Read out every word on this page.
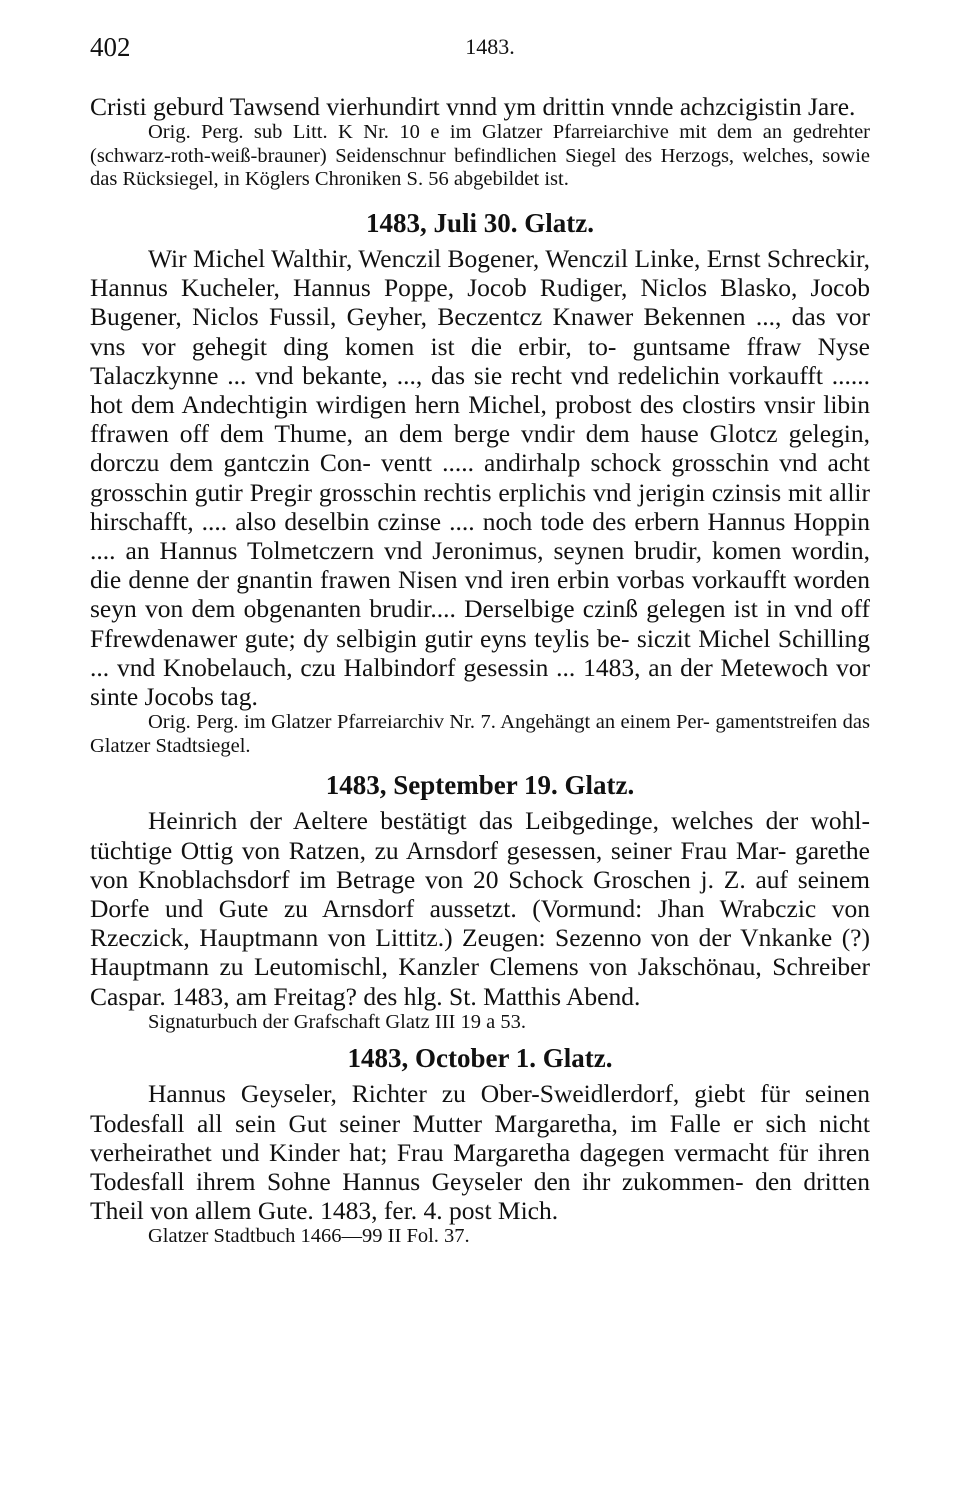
402	1483.

Cristi geburd Tawsend vierhundirt vnnd ym drittin vnnde achzcigistin Jare.

Orig. Perg. sub Litt. K Nr. 10 e im Glatzer Pfarreiarchive mit dem an gedrehter (schwarz-roth-weiß-brauner) Seidenschnur befindlichen Siegel des Herzogs, welches, sowie das Rücksiegel, in Köglers Chroniken S. 56 abgebildet ist.

1483, Juli 30. Glatz.

Wir Michel Walthir, Wenczil Bogener, Wenczil Linke, Ernst Schreckir, Hannus Kucheler, Hannus Poppe, Jocob Rudiger, Niclos Blasko, Jocob Bugener, Niclos Fussil, Geyher, Beczentcz Knawer Bekennen ..., das vor vns vor gehegit ding komen ist die erbir, to- guntsame ffraw Nyse Talaczkynne ... vnd bekante, ..., das sie recht vnd redelichin vorkaufft ...... hot dem Andechtigin wirdigen hern Michel, probost des clostirs vnsir libin ffrawen off dem Thume, an dem berge vndir dem hause Glotcz gelegin, dorczu dem gantczin Con- ventt ..... andirhalp schock grosschin vnd acht grosschin gutir Pregir grosschin rechtis erplichis vnd jerigin czinsis mit allir hirschafft, .... also deselbin czinse .... noch tode des erbern Hannus Hoppin .... an Hannus Tolmetczern vnd Jeronimus, seynen brudir, komen wordin, die denne der gnantin frawen Nisen vnd iren erbin vorbas vorkaufft worden seyn von dem obgenanten brudir.... Derselbige czinß gelegen ist in vnd off Ffrewdenawer gute; dy selbigin gutir eyns teylis be- siczit Michel Schilling ... vnd Knobelauch, czu Halbindorf gesessin ... 1483, an der Metewoch vor sinte Jocobs tag.

Orig. Perg. im Glatzer Pfarreiarchiv Nr. 7. Angehängt an einem Per- gamentstreifen das Glatzer Stadtsiegel.

1483, September 19. Glatz.

Heinrich der Aeltere bestätigt das Leibgedinge, welches der wohl- tüchtige Ottig von Ratzen, zu Arnsdorf gesessen, seiner Frau Mar- garethe von Knoblachsdorf im Betrage von 20 Schock Groschen j. Z. auf seinem Dorfe und Gute zu Arnsdorf aussetzt. (Vormund: Jhan Wrabczic von Rzeczick, Hauptmann von Littitz.) Zeugen: Sezenno von der Vnkanke (?) Hauptmann zu Leutomischl, Kanzler Clemens von Jakschönau, Schreiber Caspar. 1483, am Freitag? des hlg. St. Matthis Abend.

Signaturbuch der Grafschaft Glatz III 19 a 53.

1483, October 1. Glatz.

Hannus Geyseler, Richter zu Ober-Sweidlerdorf, giebt für seinen Todesfall all sein Gut seiner Mutter Margaretha, im Falle er sich nicht verheirathet und Kinder hat; Frau Margaretha dagegen vermacht für ihren Todesfall ihrem Sohne Hannus Geyseler den ihr zukommen- den dritten Theil von allem Gute. 1483, fer. 4. post Mich.

Glatzer Stadtbuch 1466—99 II Fol. 37.
